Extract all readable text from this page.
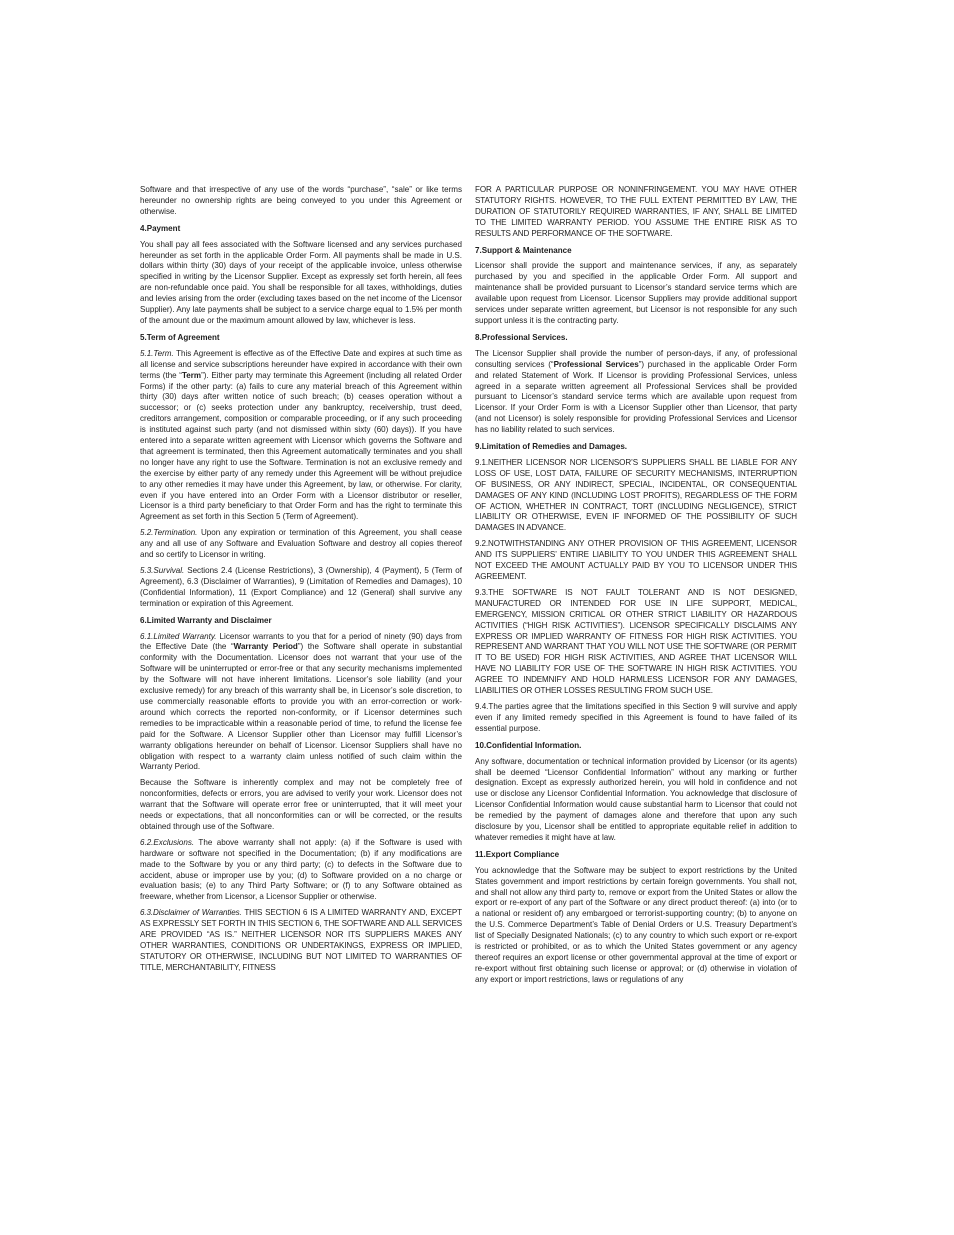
Software and that irrespective of any use of the words “purchase”, “sale” or like terms hereunder no ownership rights are being conveyed to you under this Agreement or otherwise.

4.Payment

You shall pay all fees associated with the Software licensed and any services purchased hereunder as set forth in the applicable Order Form. All payments shall be made in U.S. dollars within thirty (30) days of your receipt of the applicable invoice, unless otherwise specified in writing by the Licensor Supplier. Except as expressly set forth herein, all fees are non-refundable once paid. You shall be responsible for all taxes, withholdings, duties and levies arising from the order (excluding taxes based on the net income of the Licensor Supplier). Any late payments shall be subject to a service charge equal to 1.5% per month of the amount due or the maximum amount allowed by law, whichever is less.

5.Term of Agreement

5.1.Term. This Agreement is effective as of the Effective Date and expires at such time as all license and service subscriptions hereunder have expired in accordance with their own terms (the “Term”). Either party may terminate this Agreement (including all related Order Forms) if the other party: (a) fails to cure any material breach of this Agreement within thirty (30) days after written notice of such breach; (b) ceases operation without a successor; or (c) seeks protection under any bankruptcy, receivership, trust deed, creditors arrangement, composition or comparable proceeding, or if any such proceeding is instituted against such party (and not dismissed within sixty (60) days)). If you have entered into a separate written agreement with Licensor which governs the Software and that agreement is terminated, then this Agreement automatically terminates and you shall no longer have any right to use the Software. Termination is not an exclusive remedy and the exercise by either party of any remedy under this Agreement will be without prejudice to any other remedies it may have under this Agreement, by law, or otherwise. For clarity, even if you have entered into an Order Form with a Licensor distributor or reseller, Licensor is a third party beneficiary to that Order Form and has the right to terminate this Agreement as set forth in this Section 5 (Term of Agreement).

5.2.Termination. Upon any expiration or termination of this Agreement, you shall cease any and all use of any Software and Evaluation Software and destroy all copies thereof and so certify to Licensor in writing.

5.3.Survival. Sections 2.4 (License Restrictions), 3 (Ownership), 4 (Payment), 5 (Term of Agreement), 6.3 (Disclaimer of Warranties), 9 (Limitation of Remedies and Damages), 10 (Confidential Information), 11 (Export Compliance) and 12 (General) shall survive any termination or expiration of this Agreement.

6.Limited Warranty and Disclaimer

6.1.Limited Warranty. Licensor warrants to you that for a period of ninety (90) days from the Effective Date (the “Warranty Period”) the Software shall operate in substantial conformity with the Documentation. Licensor does not warrant that your use of the Software will be uninterrupted or error-free or that any security mechanisms implemented by the Software will not have inherent limitations. Licensor’s sole liability (and your exclusive remedy) for any breach of this warranty shall be, in Licensor’s sole discretion, to use commercially reasonable efforts to provide you with an error-correction or work-around which corrects the reported non-conformity, or if Licensor determines such remedies to be impracticable within a reasonable period of time, to refund the license fee paid for the Software. A Licensor Supplier other than Licensor may fulfill Licensor’s warranty obligations hereunder on behalf of Licensor. Licensor Suppliers shall have no obligation with respect to a warranty claim unless notified of such claim within the Warranty Period.

Because the Software is inherently complex and may not be completely free of nonconformities, defects or errors, you are advised to verify your work. Licensor does not warrant that the Software will operate error free or uninterrupted, that it will meet your needs or expectations, that all nonconformities can or will be corrected, or the results obtained through use of the Software.

6.2.Exclusions. The above warranty shall not apply: (a) if the Software is used with hardware or software not specified in the Documentation; (b) if any modifications are made to the Software by you or any third party; (c) to defects in the Software due to accident, abuse or improper use by you; (d) to Software provided on a no charge or evaluation basis; (e) to any Third Party Software; or (f) to any Software obtained as freeware, whether from Licensor, a Licensor Supplier or otherwise.

6.3.Disclaimer of Warranties. THIS SECTION 6 IS A LIMITED WARRANTY AND, EXCEPT AS EXPRESSLY SET FORTH IN THIS SECTION 6, THE SOFTWARE AND ALL SERVICES ARE PROVIDED “AS IS.” NEITHER LICENSOR NOR ITS SUPPLIERS MAKES ANY OTHER WARRANTIES, CONDITIONS OR UNDERTAKINGS, EXPRESS OR IMPLIED, STATUTORY OR OTHERWISE, INCLUDING BUT NOT LIMITED TO WARRANTIES OF TITLE, MERCHANTABILITY, FITNESS

FOR A PARTICULAR PURPOSE OR NONINFRINGEMENT. YOU MAY HAVE OTHER STATUTORY RIGHTS. HOWEVER, TO THE FULL EXTENT PERMITTED BY LAW, THE DURATION OF STATUTORILY REQUIRED WARRANTIES, IF ANY, SHALL BE LIMITED TO THE LIMITED WARRANTY PERIOD. YOU ASSUME THE ENTIRE RISK AS TO RESULTS AND PERFORMANCE OF THE SOFTWARE.

7.Support & Maintenance

Licensor shall provide the support and maintenance services, if any, as separately purchased by you and specified in the applicable Order Form. All support and maintenance shall be provided pursuant to Licensor’s standard service terms which are available upon request from Licensor. Licensor Suppliers may provide additional support services under separate written agreement, but Licensor is not responsible for any such support unless it is the contracting party.

8.Professional Services.

The Licensor Supplier shall provide the number of person-days, if any, of professional consulting services (“Professional Services”) purchased in the applicable Order Form and related Statement of Work. If Licensor is providing Professional Services, unless agreed in a separate written agreement all Professional Services shall be provided pursuant to Licensor’s standard service terms which are available upon request from Licensor. If your Order Form is with a Licensor Supplier other than Licensor, that party (and not Licensor) is solely responsible for providing Professional Services and Licensor has no liability related to such services.

9.Limitation of Remedies and Damages.

9.1.NEITHER LICENSOR NOR LICENSOR’S SUPPLIERS SHALL BE LIABLE FOR ANY LOSS OF USE, LOST DATA, FAILURE OF SECURITY MECHANISMS, INTERRUPTION OF BUSINESS, OR ANY INDIRECT, SPECIAL, INCIDENTAL, OR CONSEQUENTIAL DAMAGES OF ANY KIND (INCLUDING LOST PROFITS), REGARDLESS OF THE FORM OF ACTION, WHETHER IN CONTRACT, TORT (INCLUDING NEGLIGENCE), STRICT LIABILITY OR OTHERWISE, EVEN IF INFORMED OF THE POSSIBILITY OF SUCH DAMAGES IN ADVANCE.

9.2.NOTWITHSTANDING ANY OTHER PROVISION OF THIS AGREEMENT, LICENSOR AND ITS SUPPLIERS’ ENTIRE LIABILITY TO YOU UNDER THIS AGREEMENT SHALL NOT EXCEED THE AMOUNT ACTUALLY PAID BY YOU TO LICENSOR UNDER THIS AGREEMENT.

9.3.THE SOFTWARE IS NOT FAULT TOLERANT AND IS NOT DESIGNED, MANUFACTURED OR INTENDED FOR USE IN LIFE SUPPORT, MEDICAL, EMERGENCY, MISSION CRITICAL OR OTHER STRICT LIABILITY OR HAZARDOUS ACTIVITIES (“HIGH RISK ACTIVITIES”). LICENSOR SPECIFICALLY DISCLAIMS ANY EXPRESS OR IMPLIED WARRANTY OF FITNESS FOR HIGH RISK ACTIVITIES. YOU REPRESENT AND WARRANT THAT YOU WILL NOT USE THE SOFTWARE (OR PERMIT IT TO BE USED) FOR HIGH RISK ACTIVITIES, AND AGREE THAT LICENSOR WILL HAVE NO LIABILITY FOR USE OF THE SOFTWARE IN HIGH RISK ACTIVITIES. YOU AGREE TO INDEMNIFY AND HOLD HARMLESS LICENSOR FOR ANY DAMAGES, LIABILITIES OR OTHER LOSSES RESULTING FROM SUCH USE.

9.4.The parties agree that the limitations specified in this Section 9 will survive and apply even if any limited remedy specified in this Agreement is found to have failed of its essential purpose.

10.Confidential Information.

Any software, documentation or technical information provided by Licensor (or its agents) shall be deemed “Licensor Confidential Information” without any marking or further designation. Except as expressly authorized herein, you will hold in confidence and not use or disclose any Licensor Confidential Information. You acknowledge that disclosure of Licensor Confidential Information would cause substantial harm to Licensor that could not be remedied by the payment of damages alone and therefore that upon any such disclosure by you, Licensor shall be entitled to appropriate equitable relief in addition to whatever remedies it might have at law.

11.Export Compliance

You acknowledge that the Software may be subject to export restrictions by the United States government and import restrictions by certain foreign governments. You shall not, and shall not allow any third party to, remove or export from the United States or allow the export or re-export of any part of the Software or any direct product thereof: (a) into (or to a national or resident of) any embargoed or terrorist-supporting country; (b) to anyone on the U.S. Commerce Department’s Table of Denial Orders or U.S. Treasury Department’s list of Specially Designated Nationals; (c) to any country to which such export or re-export is restricted or prohibited, or as to which the United States government or any agency thereof requires an export license or other governmental approval at the time of export or re-export without first obtaining such license or approval; or (d) otherwise in violation of any export or import restrictions, laws or regulations of any
